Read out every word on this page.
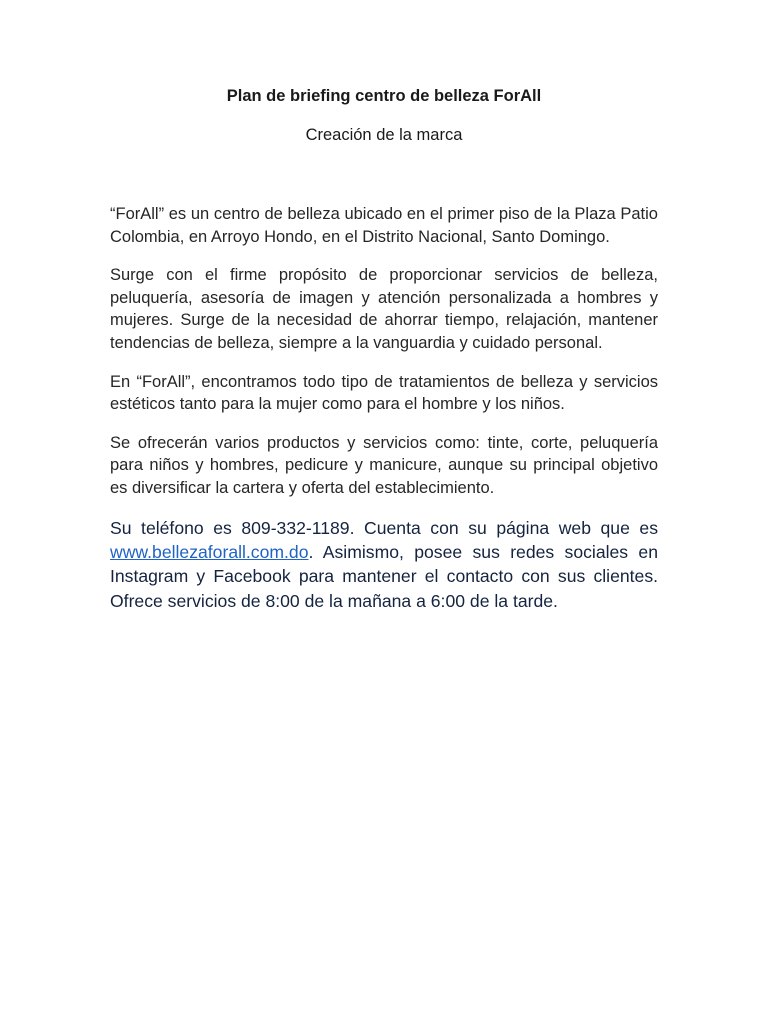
Plan de briefing centro de belleza ForAll

Creación de la marca

“ForAll” es un centro de belleza ubicado en el primer piso de la Plaza Patio Colombia, en Arroyo Hondo, en el Distrito Nacional, Santo Domingo.

Surge con el firme propósito de proporcionar servicios de belleza, peluquería, asesoría de imagen y atención personalizada a hombres y mujeres. Surge de la necesidad de ahorrar tiempo, relajación, mantener tendencias de belleza, siempre a la vanguardia y cuidado personal.

En “ForAll”, encontramos todo tipo de tratamientos de belleza y servicios estéticos tanto para la mujer como para el hombre y los niños.

Se ofrecerán varios productos y servicios como: tinte, corte, peluquería para niños y hombres, pedicure y manicure, aunque su principal objetivo es diversificar la cartera y oferta del establecimiento.

Su teléfono es 809-332-1189. Cuenta con su página web que es www.bellezaforall.com.do. Asimismo, posee sus redes sociales en Instagram y Facebook para mantener el contacto con sus clientes. Ofrece servicios de 8:00 de la mañana a 6:00 de la tarde.
